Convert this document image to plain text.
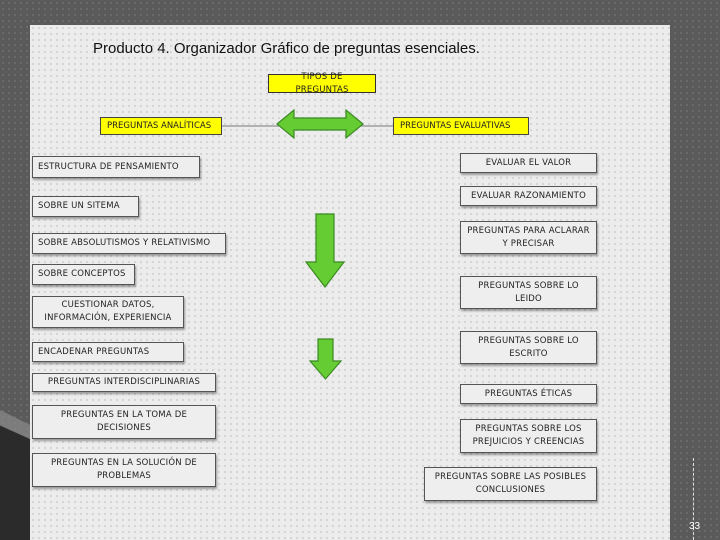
Producto 4. Organizador Gráfico de preguntas esenciales.
TIPOS DE PREGUNTAS
PREGUNTAS ANALÍTICAS	PREGUNTAS EVALUATIVAS
ESTRUCTURA DE PENSAMIENTO
SOBRE UN SITEMA
SOBRE ABSOLUTISMOS Y RELATIVISMO
SOBRE CONCEPTOS
CUESTIONAR DATOS, INFORMACIÓN, EXPERIENCIA
ENCADENAR PREGUNTAS
PREGUNTAS INTERDISCIPLINARIAS
PREGUNTAS EN LA TOMA DE DECISIONES
PREGUNTAS EN LA SOLUCIÓN DE PROBLEMAS
EVALUAR EL VALOR
EVALUAR RAZONAMIENTO
PREGUNTAS PARA ACLARAR Y PRECISAR
PREGUNTAS SOBRE LO LEIDO
PREGUNTAS SOBRE LO ESCRITO
PREGUNTAS ÉTICAS
PREGUNTAS SOBRE LOS PREJUICIOS Y CREENCIAS
PREGUNTAS SOBRE LAS POSIBLES CONCLUSIONES
33
